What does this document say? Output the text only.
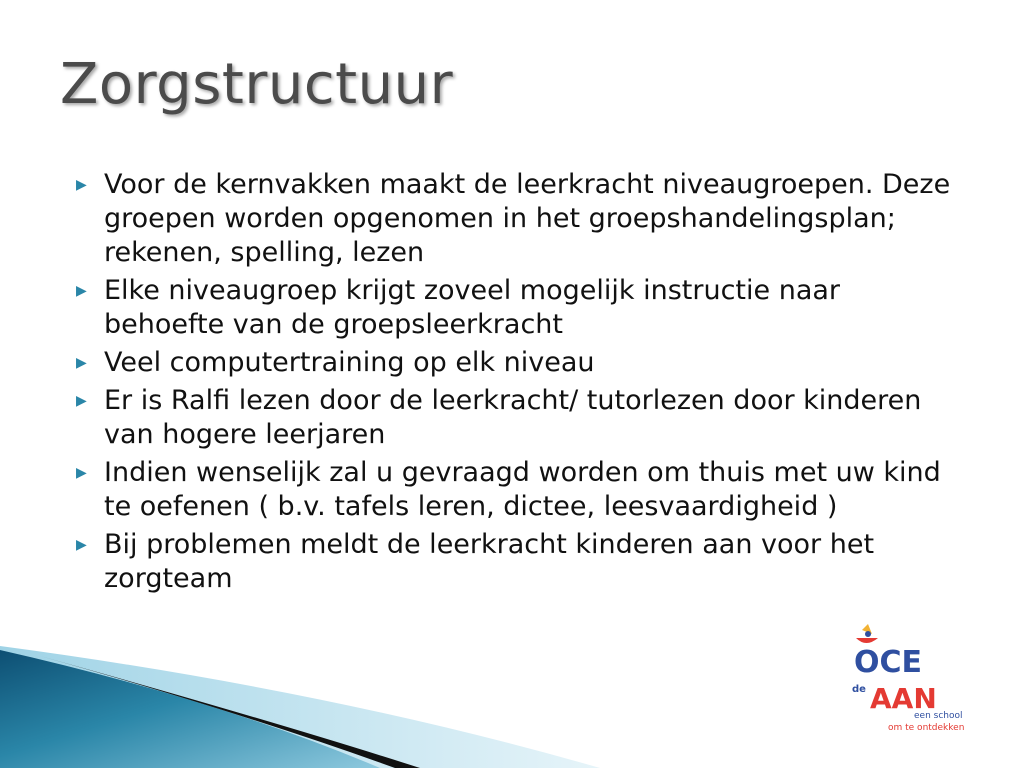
Zorgstructuur
▶ Voor de kernvakken maakt de leerkracht niveaugroepen. Deze groepen worden opgenomen in het groepshandelingsplan; rekenen, spelling, lezen
▶ Elke niveaugroep krijgt zoveel mogelijk instructie naar behoefte van de groepsleerkracht
▶ Veel computertraining op elk niveau
▶ Er is Ralfi lezen door de leerkracht/ tutorlezen door kinderen van hogere leerjaren
▶ Indien wenselijk zal u gevraagd worden om thuis met uw kind te oefenen ( b.v. tafels leren, dictee, leesvaardigheid )
▶ Bij problemen meldt de leerkracht kinderen aan voor het zorgteam
OCE
de AAN
een school
om te ontdekken
